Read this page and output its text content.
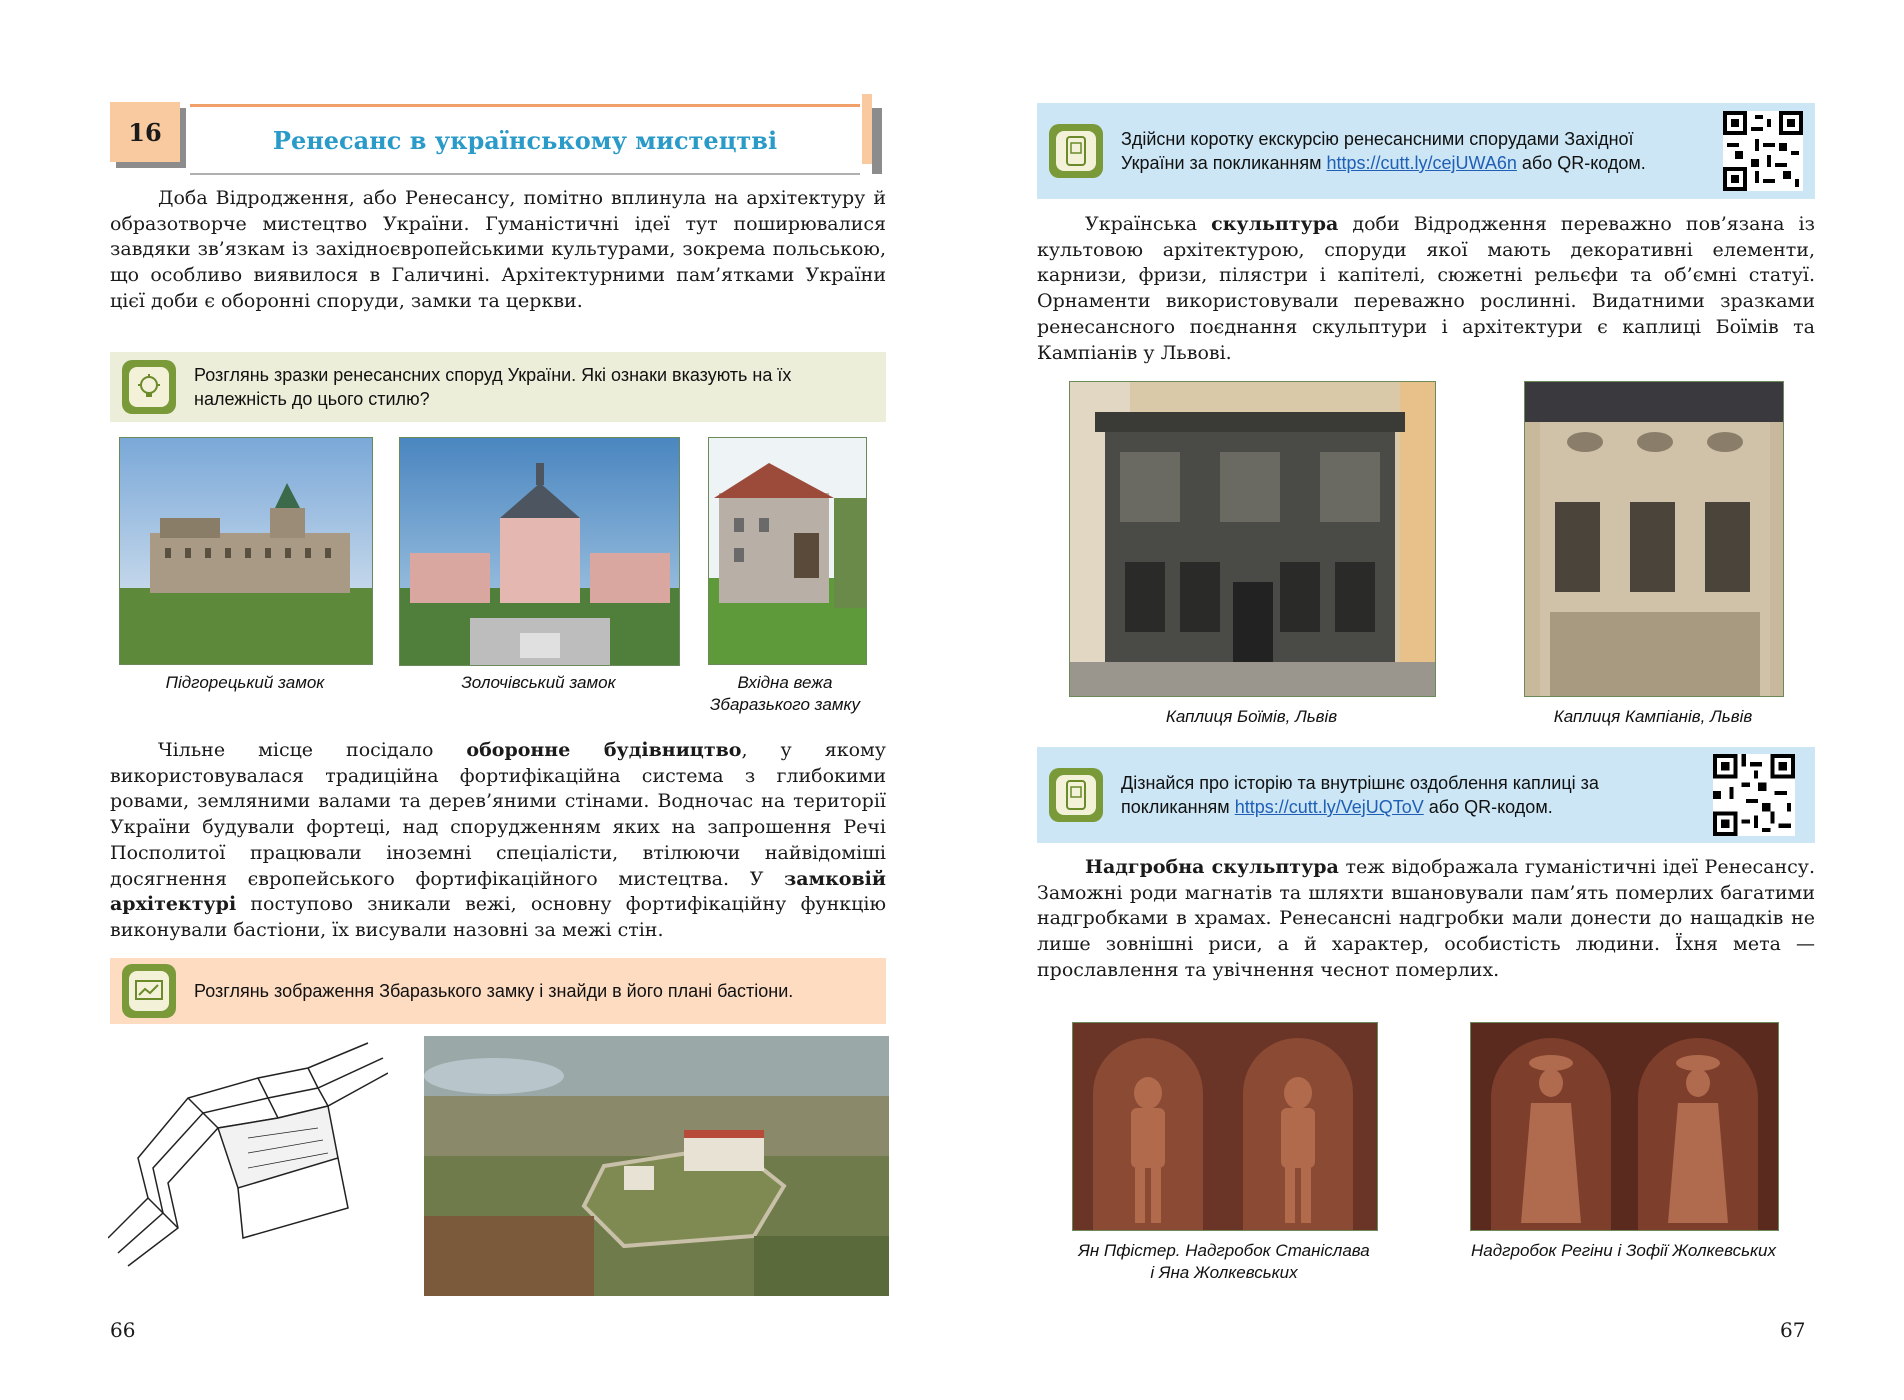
16	Ренесанс в українському мистецтві

Доба Відродження, або Ренесансу, помітно вплинула на архітектуру й образотворче мистецтво України. Гуманістичні ідеї тут поширювалися завдяки зв’язкам із західноєвропейськими культурами, зокрема польською, що особливо виявилося в Галичині. Архітектурними пам’ятками України цієї доби є оборонні споруди, замки та церкви.

Розглянь зразки ренесансних споруд України. Які ознаки вказують на їх належність до цього стилю?
Підгорецький замок	Золочівський замок	Вхідна вежа
Збаразького замку

Чільне місце посідало оборонне будівництво, у якому використовувалася традиційна фортифікаційна система з глибокими ровами, земляними валами та дерев’яними стінами. Водночас на території України будували фортеці, над спорудженням яких на запрошення Речі Посполитої працювали іноземні спеціалісти, втілюючи найвідоміші досягнення європейського фортифікаційного мистецтва. У замковій архітектурі поступово зникали вежі, основну фортифікаційну функцію виконували бастіони, їх висували назовні за межі стін.

Розглянь зображення Збаразького замку і знайди в його плані бастіони.
66
Здійсни коротку екскурсію ренесансними спорудами Західної України за покликанням https://cutt.ly/cejUWA6n або QR-кодом.

Українська скульптура доби Відродження переважно пов’язана із культовою архітектурою, споруди якої мають декоративні елементи, карнизи, фризи, пілястри і капітелі, сюжетні рельєфи та об’ємні статуї. Орнаменти використовували переважно рослинні. Видатними зразками ренесансного поєднання скульптури і архітектури є каплиці Боїмів та Кампіанів у Львові.

Каплиця Боїмів, Львів	Каплиця Кампіанів, Львів
Дізнайся про історію та внутрішнє оздоблення каплиці за покликанням https://cutt.ly/VejUQToV або QR-кодом.

Надгробна скульптура теж відображала гуманістичні ідеї Ренесансу. Заможні роди магнатів та шляхти вшановували пам’ять померлих багатими надгробками в храмах. Ренесансні надгробки мали донести до нащадків не лише зовнішні риси, а й характер, особистість людини. Їхня мета — прославлення та увічнення чеснот померлих.

Ян Пфістер. Надгробок Станіслава
і Яна Жолкевських
Надгробок Регіни і Зофії Жолкевських
67
